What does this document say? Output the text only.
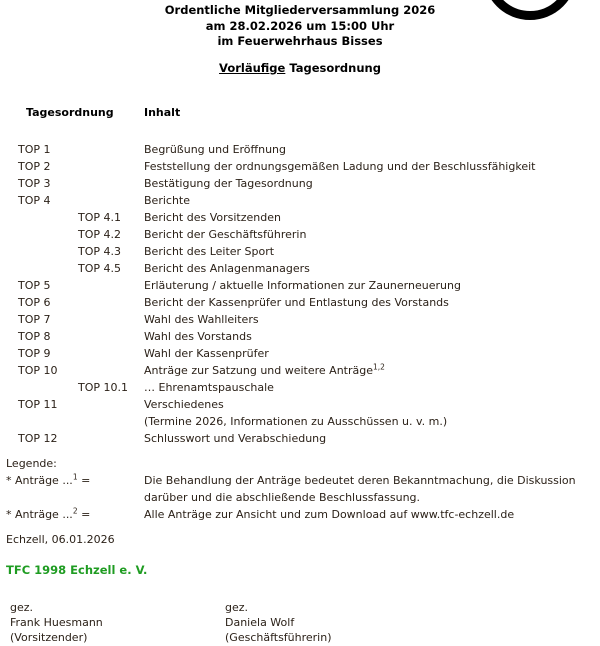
Ordentliche Mitgliederversammlung 2026
am 28.02.2026 um 15:00 Uhr
im Feuerwehrhaus Bisses
Vorläufige Tagesordnung
Tagesordnung	Inhalt
TOP 1	Begrüßung und Eröffnung
TOP 2	Feststellung der ordnungsgemäßen Ladung und der Beschlussfähigkeit
TOP 3	Bestätigung der Tagesordnung
TOP 4	Berichte
TOP 4.1 Bericht des Vorsitzenden
TOP 4.2 Bericht der Geschäftsführerin
TOP 4.3 Bericht des Leiter Sport
TOP 4.5 Bericht des Anlagenmanagers
TOP 5	Erläuterung / aktuelle Informationen zur Zaunerneuerung
TOP 6	Bericht der Kassenprüfer und Entlastung des Vorstands
TOP 7	Wahl des Wahlleiters
TOP 8	Wahl des Vorstands
TOP 9	Wahl der Kassenprüfer
TOP 10	Anträge zur Satzung und weitere Anträge$^{1,2}$
TOP 10.1 … Ehrenamtspauschale
TOP 11	Verschiedenes
(Termine 2026, Informationen zu Ausschüssen u. v. m.)
TOP 12	Schlusswort und Verabschiedung
Legende:
* Anträge ...$^1$ =	Die Behandlung der Anträge bedeutet deren Bekanntmachung, die Diskussion
darüber und die abschließende Beschlussfassung.
* Anträge ...$^2$ =	Alle Anträge zur Ansicht und zum Download auf www.tfc-echzell.de
Echzell, 06.01.2026
TFC 1998 Echzell e. V.
gez.
Frank Huesmann
(Vorsitzender)
gez.
Daniela Wolf
(Geschäftsführerin)
